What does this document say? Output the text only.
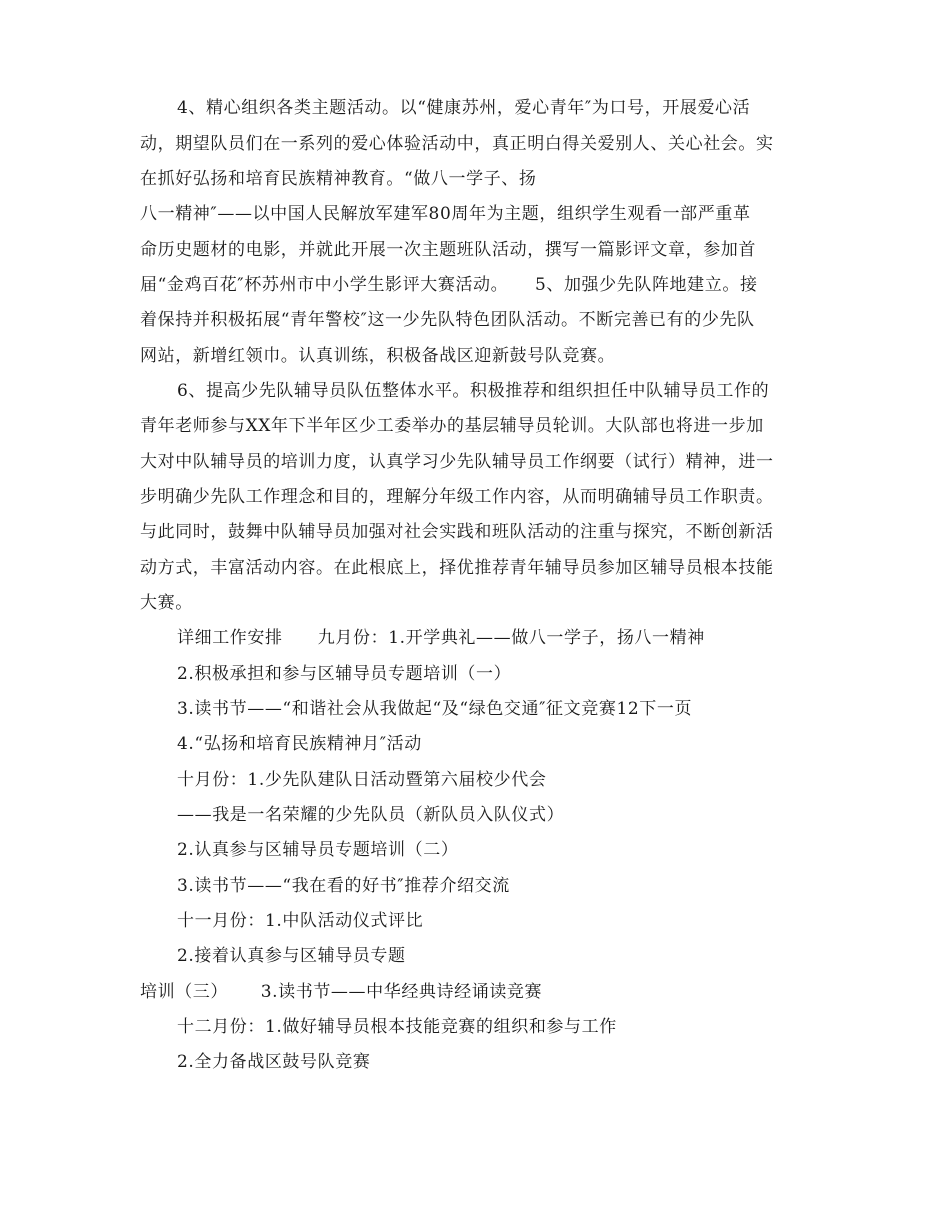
4、精心组织各类主题活动。以“健康苏州，爱心青年″为口号，开展爱心活
动，期望队员们在一系列的爱心体验活动中，真正明白得关爱别人、关心社会。实
在抓好弘扬和培育民族精神教育。“做八一学子、扬
八一精神″——以中国人民解放军建军80周年为主题，组织学生观看一部严重革
命历史题材的电影，并就此开展一次主题班队活动，撰写一篇影评文章，参加首
届“金鸡百花″杯苏州市中小学生影评大赛活动。　　5、加强少先队阵地建立。接
着保持并积极拓展“青年警校″这一少先队特色团队活动。不断完善已有的少先队
网站，新增红领巾。认真训练，积极备战区迎新鼓号队竞赛。
6、提高少先队辅导员队伍整体水平。积极推荐和组织担任中队辅导员工作的
青年老师参与XX年下半年区少工委举办的基层辅导员轮训。大队部也将进一步加
大对中队辅导员的培训力度，认真学习少先队辅导员工作纲要（试行）精神，进一
步明确少先队工作理念和目的，理解分年级工作内容，从而明确辅导员工作职责。
与此同时，鼓舞中队辅导员加强对社会实践和班队活动的注重与探究，不断创新活
动方式，丰富活动内容。在此根底上，择优推荐青年辅导员参加区辅导员根本技能
大赛。
详细工作安排　　九月份：1.开学典礼——做八一学子，扬八一精神
2.积极承担和参与区辅导员专题培训（一）
3.读书节——“和谐社会从我做起“及“绿色交通″征文竞赛12下一页
4.“弘扬和培育民族精神月″活动
十月份：1.少先队建队日活动暨第六届校少代会
——我是一名荣耀的少先队员（新队员入队仪式）
2.认真参与区辅导员专题培训（二）
3.读书节——“我在看的好书″推荐介绍交流
十一月份：1.中队活动仪式评比
2.接着认真参与区辅导员专题
培训（三）　　 3.读书节——中华经典诗经诵读竞赛
十二月份：1.做好辅导员根本技能竞赛的组织和参与工作
2.全力备战区鼓号队竞赛
